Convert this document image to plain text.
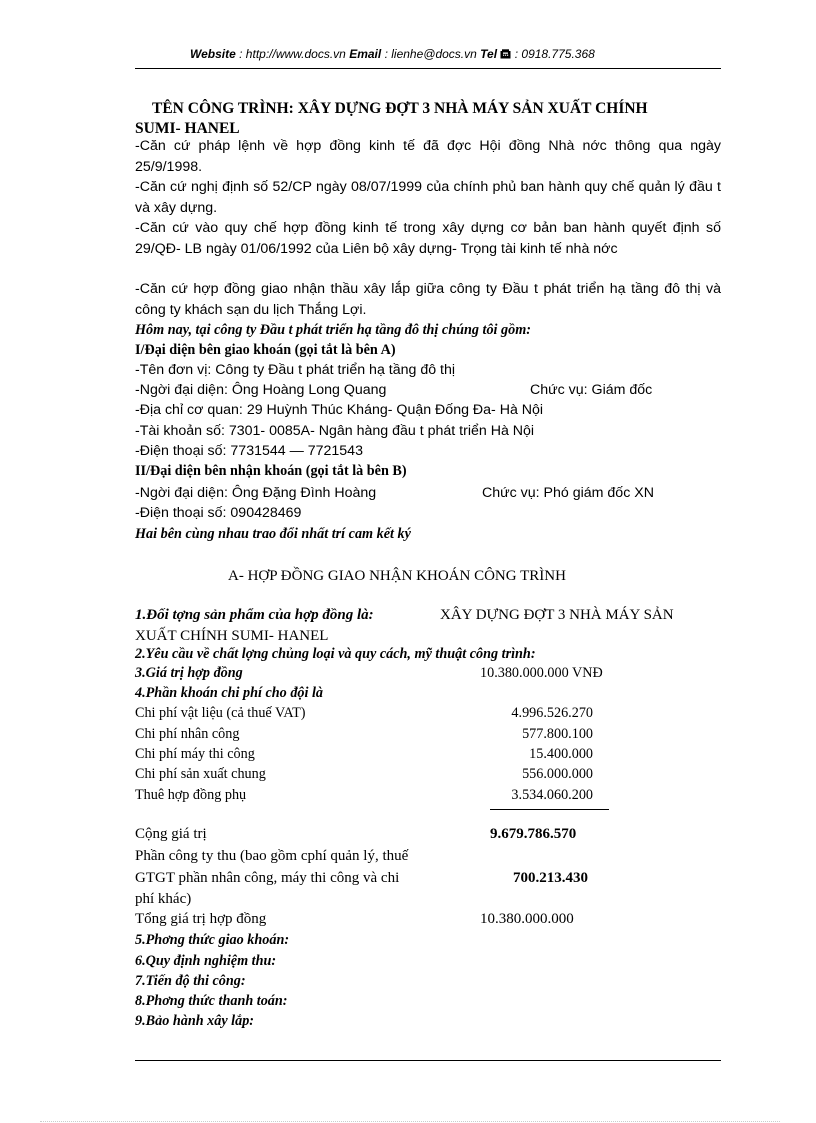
Website : http://www.docs.vn Email : lienhe@docs.vn Tel : 0918.775.368
TÊN CÔNG TRÌNH: XÂY DỰNG ĐỢT 3 NHÀ MÁY SẢN XUẤT CHÍNH
SUMI- HANEL
-Căn cứ pháp lệnh về hợp đồng kinh tế đã đợc Hội đồng Nhà nớc thông qua ngày 25/9/1998.
-Căn cứ nghị định số 52/CP ngày 08/07/1999 của chính phủ ban hành quy chế quản lý đầu t và xây dựng.
-Căn cứ vào quy chế hợp đồng kinh tế trong xây dựng cơ bản ban hành quyết định số 29/QĐ- LB ngày 01/06/1992 của Liên bộ xây dựng- Trọng tài kinh tế nhà nớc
-Căn cứ hợp đồng giao nhận thầu xây lắp giữa công ty Đầu t phát triển hạ tầng đô thị và công ty khách sạn du lịch Thắng Lợi.
Hôm nay, tại công ty Đầu t phát triển hạ tầng đô thị chúng tôi gồm:
I/Đại diện bên giao khoán (gọi tắt là bên A)
-Tên đơn vị: Công ty Đầu t phát triển hạ tầng đô thị
-Ngời đại diện: Ông Hoàng Long Quang	Chức vụ: Giám đốc
-Địa chỉ cơ quan: 29 Huỳnh Thúc Kháng- Quận Đống Đa- Hà Nội
-Tài khoản số: 7301- 0085A- Ngân hàng đầu t phát triển Hà Nội
-Điện thoại số: 7731544 — 7721543
II/Đại diện bên nhận khoán (gọi tắt là bên B)
-Ngời đại diện: Ông Đặng Đình Hoàng	Chức vụ: Phó giám đốc XN
-Điện thoại số: 090428469
Hai bên cùng nhau trao đổi nhất trí cam kết ký
A- HỢP ĐỒNG GIAO NHẬN KHOÁN CÔNG TRÌNH
1.Đối tợng sản phẩm của hợp đồng là:	XÂY DỰNG ĐỢT 3 NHÀ MÁY SẢN
XUẤT CHÍNH SUMI- HANEL
2.Yêu cầu về chất lợng chủng loại và quy cách, mỹ thuật công trình:
3.Giá trị hợp đồng	10.380.000.000 VNĐ
4.Phần khoán chi phí cho đội là
Chi phí vật liệu (cả thuế VAT)	4.996.526.270
Chi phí nhân công	577.800.100
Chi phí máy thi công	15.400.000
Chi phí sản xuất chung	556.000.000
Thuê hợp đồng phụ	3.534.060.200
Cộng giá trị	9.679.786.570
Phần công ty thu (bao gồm cphí quản lý, thuế
GTGT phần nhân công, máy thi công và chi	700.213.430
phí khác)
Tổng giá trị hợp đồng	10.380.000.000
5.Phơng thức giao khoán:
6.Quy định nghiệm thu:
7.Tiến độ thi công:
8.Phơng thức thanh toán:
9.Bảo hành xây lắp:
